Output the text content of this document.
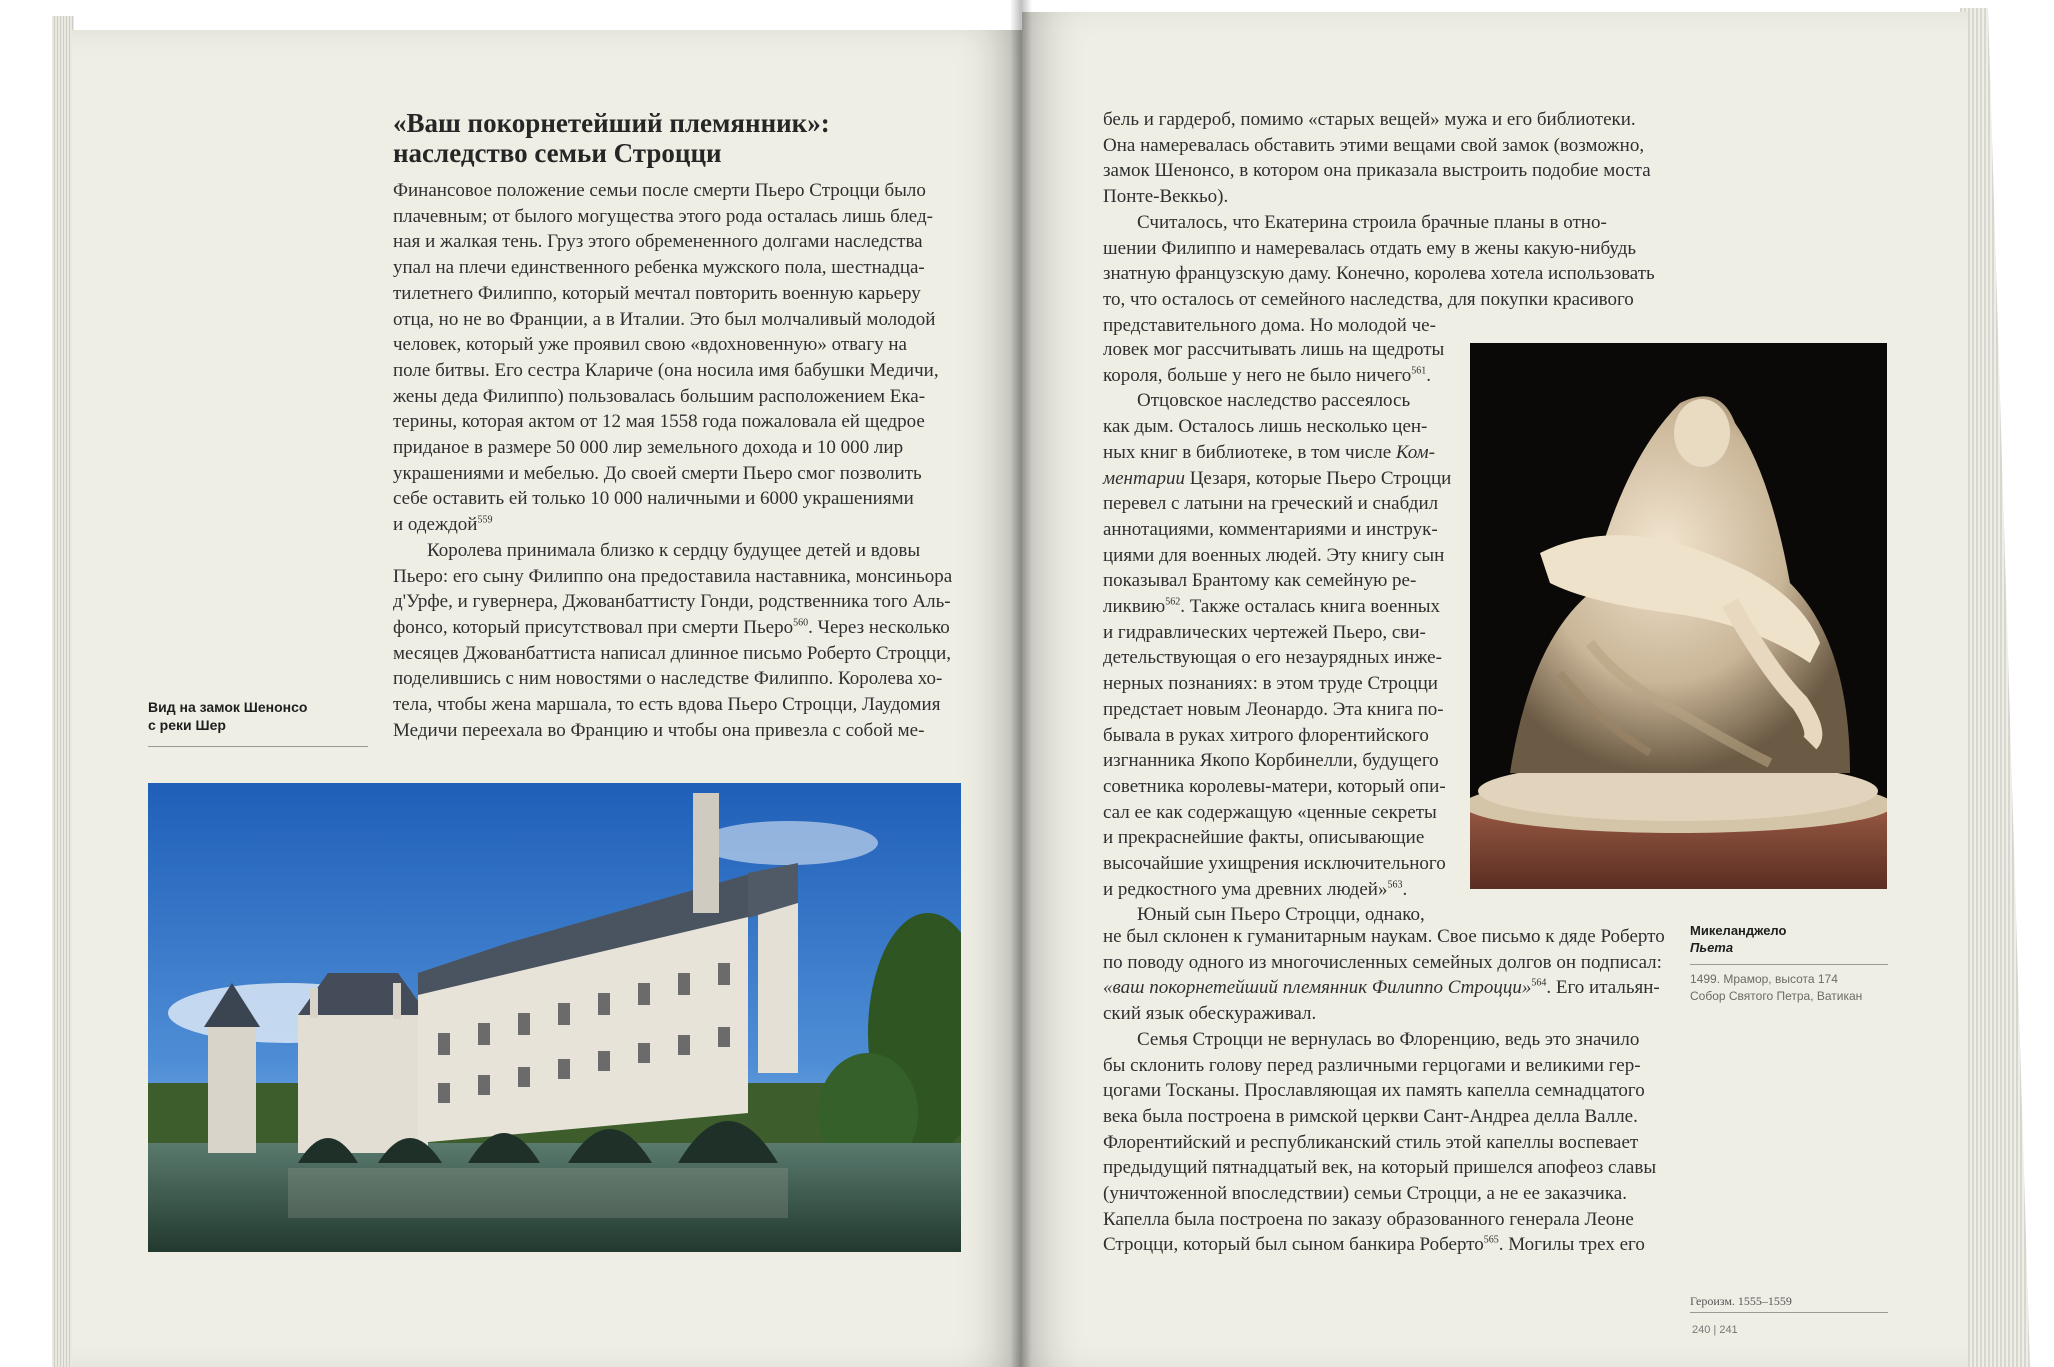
«Ваш покорнетейший племянник»:
наследство семьи Строцци
Финансовое положение семьи после смерти Пьеро Строцци было
плачевным; от былого могущества этого рода осталась лишь блед-
ная и жалкая тень. Груз этого обремененного долгами наследства
упал на плечи единственного ребенка мужского пола, шестнадца-
тилетнего Филиппо, который мечтал повторить военную карьеру
отца, но не во Франции, а в Италии. Это был молчаливый молодой
человек, который уже проявил свою «вдохновенную» отвагу на
поле битвы. Его сестра Клариче (она носила имя бабушки Медичи,
жены деда Филиппо) пользовалась большим расположением Ека-
терины, которая актом от 12 мая 1558 года пожаловала ей щедрое
приданое в размере 50 000 лир земельного дохода и 10 000 лир
украшениями и мебелью. До своей смерти Пьеро смог позволить
себе оставить ей только 10 000 наличными и 6000 украшениями
и одеждой$^{559}$
Королева принимала близко к сердцу будущее детей и вдовы
Пьеро: его сыну Филиппо она предоставила наставника, монсиньора
д'Урфе, и гувернера, Джованбаттисту Гонди, родственника того Аль-
фонсо, который присутствовал при смерти Пьеро$^{560}$. Через несколько
месяцев Джованбаттиста написал длинное письмо Роберто Строцци,
поделившись с ним новостями о наследстве Филиппо. Королева хо-
тела, чтобы жена маршала, то есть вдова Пьеро Строцци, Лаудомия
Медичи переехала во Францию и чтобы она привезла с собой ме-
Вид на замок Шенонсо
с реки Шер
бель и гардероб, помимо «старых вещей» мужа и его библиотеки.
Она намеревалась обставить этими вещами свой замок (возможно,
замок Шенонсо, в котором она приказала выстроить подобие моста
Понте-Веккьо).
Считалось, что Екатерина строила брачные планы в отно-
шении Филиппо и намеревалась отдать ему в жены какую-нибудь
знатную французскую даму. Конечно, королева хотела использовать
то, что осталось от семейного наследства, для покупки красивого
представительного дома. Но молодой че-
ловек мог рассчитывать лишь на щедроты
короля, больше у него не было ничего$^{561}$.
Отцовское наследство рассеялось
как дым. Осталось лишь несколько цен-
ных книг в библиотеке, в том числе Ком-
ментарии Цезаря, которые Пьеро Строцци
перевел с латыни на греческий и снабдил
аннотациями, комментариями и инструк-
циями для военных людей. Эту книгу сын
показывал Брантому как семейную ре-
ликвию$^{562}$. Также осталась книга военных
и гидравлических чертежей Пьеро, сви-
детельствующая о его незаурядных инже-
нерных познаниях: в этом труде Строцци
предстает новым Леонардо. Эта книга по-
бывала в руках хитрого флорентийского
изгнанника Якопо Корбинелли, будущего
советника королевы-матери, который опи-
сал ее как содержащую «ценные секреты
и прекраснейшие факты, описывающие
высочайшие ухищрения исключительного
и редкостного ума древних людей»$^{563}$.
Юный сын Пьеро Строцци, однако,
не был склонен к гуманитарным наукам. Свое письмо к дяде Роберто
по поводу одного из многочисленных семейных долгов он подписал:
«ваш покорнетейший племянник Филиппо Строцци»$^{564}$. Его итальян-
ский язык обескураживал.
Семья Строцци не вернулась во Флоренцию, ведь это значило
бы склонить голову перед различными герцогами и великими гер-
цогами Тосканы. Прославляющая их память капелла семнадцатого
века была построена в римской церкви Сант-Андреа делла Валле.
Флорентийский и республиканский стиль этой капеллы воспевает
предыдущий пятнадцатый век, на который пришелся апофеоз славы
(уничтоженной впоследствии) семьи Строцци, а не ее заказчика.
Капелла была построена по заказу образованного генерала Леоне
Строцци, который был сыном банкира Роберто$^{565}$. Могилы трех его
Микеланджело
Пьета
1499. Мрамор, высота 174
Собор Святого Петра, Ватикан
Героизм. 1555–1559
240 | 241
